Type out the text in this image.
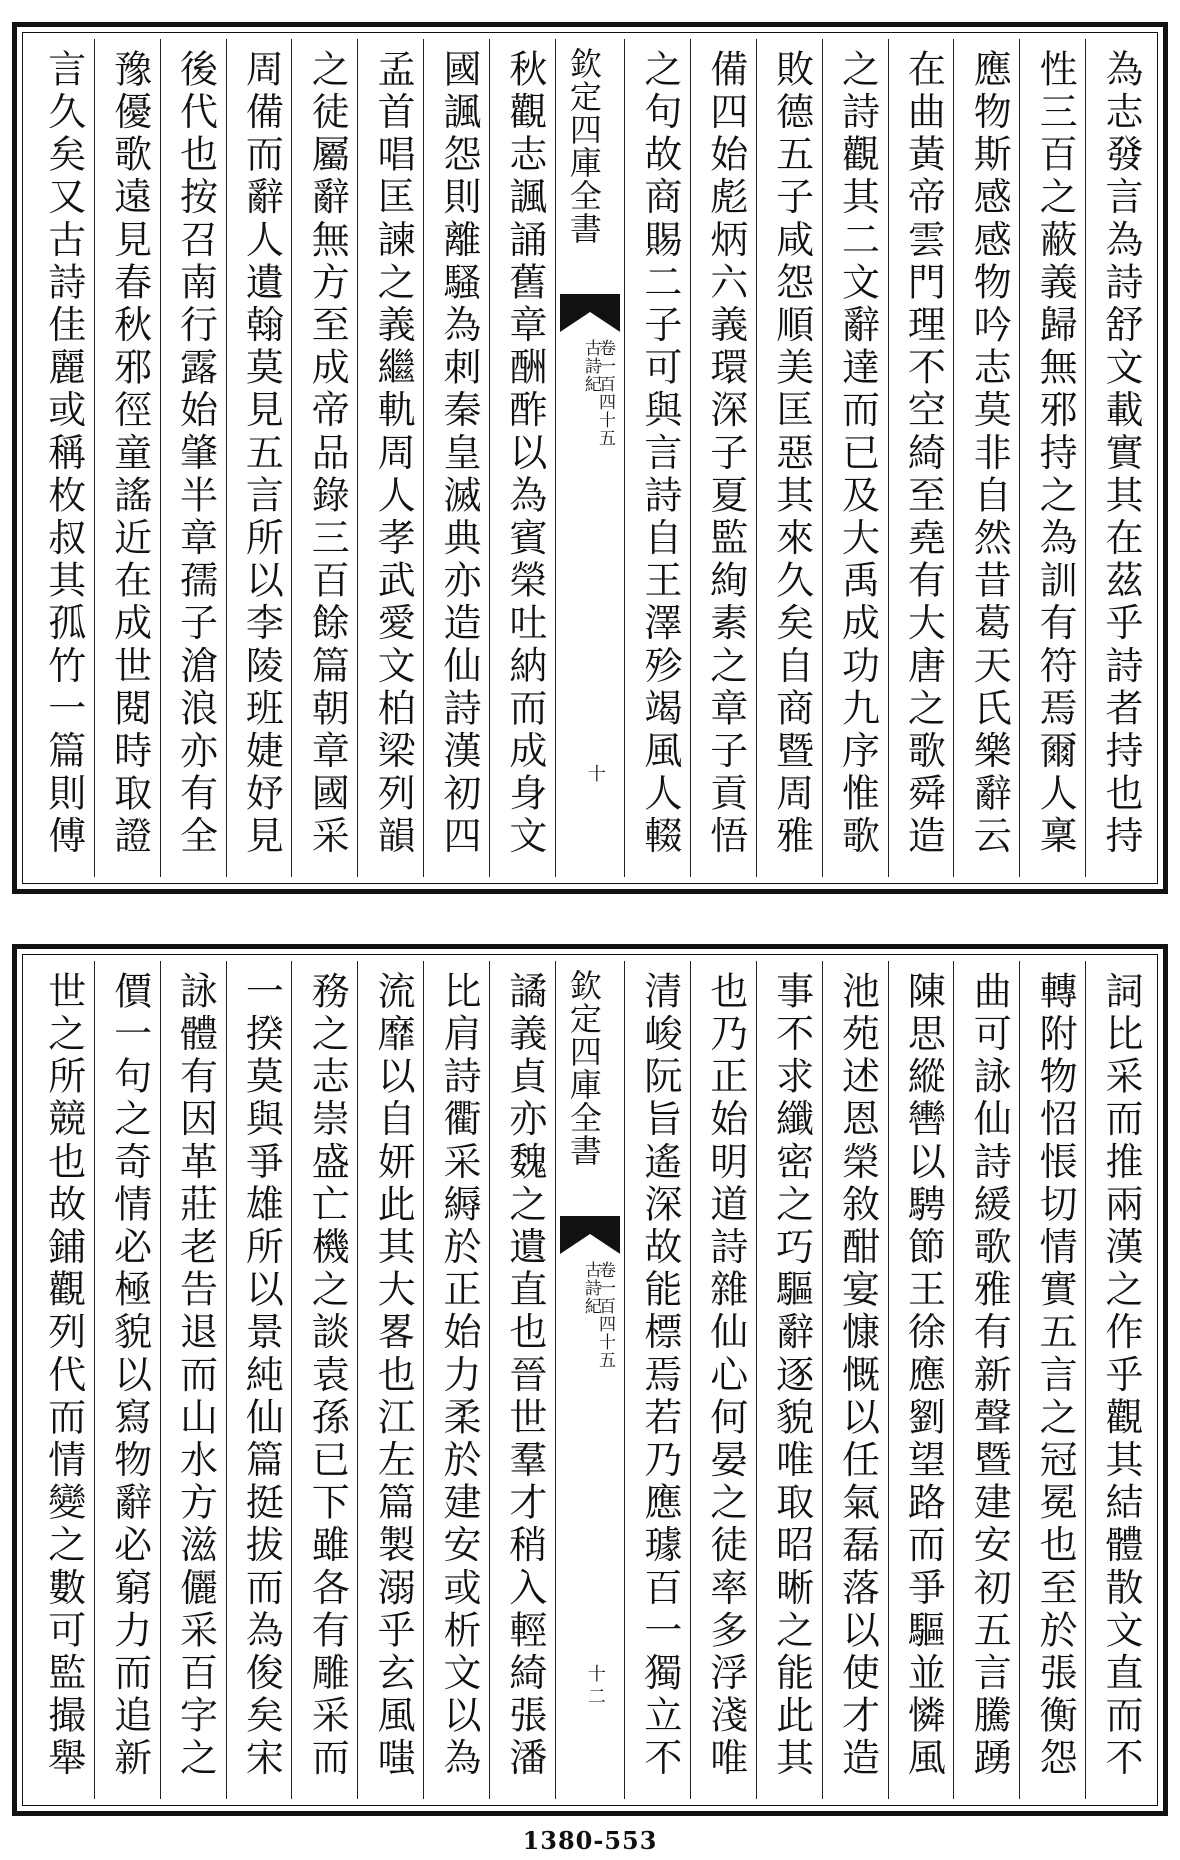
為志發言為詩舒文載實其在茲乎詩者持也持
性三百之蔽義歸無邪持之為訓有符焉爾人稟
應物斯感感物吟志莫非自然昔葛天氏樂辭云
在曲黃帝雲門理不空綺至堯有大唐之歌舜造
之詩觀其二文辭達而已及大禹成功九序惟歌
敗德五子咸怨順美匡惡其來久矣自商暨周雅
備四始彪炳六義環深子夏監絢素之章子貢悟
之句故商賜二子可與言詩自王澤殄竭風人輟
欽定四庫全書
古詩紀
卷一百四十五
十
秋觀志諷誦舊章酬酢以為賓榮吐納而成身文
國諷怨則離騷為刺秦皇滅典亦造仙詩漢初四
孟首唱匡諫之義繼軌周人孝武愛文柏梁列韻
之徒屬辭無方至成帝品錄三百餘篇朝章國采
周備而辭人遺翰莫見五言所以李陵班婕妤見
後代也按召南行露始肇半章孺子滄浪亦有全
豫優歌遠見春秋邪徑童謠近在成世閱時取證
言久矣又古詩佳麗或稱枚叔其孤竹一篇則傅
詞比采而推兩漢之作乎觀其結體散文直而不
轉附物怊悵切情實五言之冠冕也至於張衡怨
曲可詠仙詩緩歌雅有新聲暨建安初五言騰踴
陳思縱轡以騁節王徐應劉望路而爭驅並憐風
池苑述恩榮敘酣宴慷慨以任氣磊落以使才造
事不求纖密之巧驅辭逐貌唯取昭晰之能此其
也乃正始明道詩雜仙心何晏之徒率多浮淺唯
清峻阮旨遙深故能標焉若乃應璩百一獨立不
欽定四庫全書
古詩紀
卷一百四十五
十二
譎義貞亦魏之遺直也晉世羣才稍入輕綺張潘
比肩詩衢采縟於正始力柔於建安或析文以為
流靡以自妍此其大畧也江左篇製溺乎玄風嗤
務之志崇盛亡機之談袁孫已下雖各有雕采而
一揆莫與爭雄所以景純仙篇挺拔而為俊矣宋
詠體有因革莊老告退而山水方滋儷采百字之
價一句之奇情必極貌以寫物辭必窮力而追新
世之所競也故鋪觀列代而情變之數可監撮舉
1380-553
